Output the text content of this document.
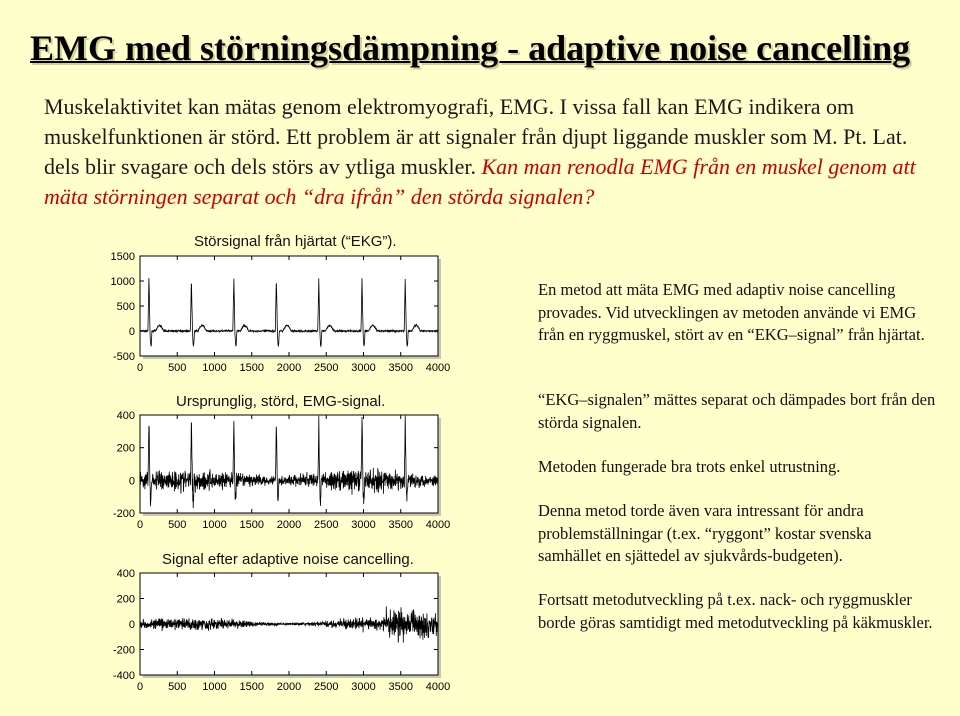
EMG med störningsdämpning - adaptive noise cancelling
Muskelaktivitet kan mätas genom elektromyografi, EMG. I vissa fall kan EMG indikera om muskelfunktionen är störd. Ett problem är att signaler från djupt liggande muskler som M. Pt. Lat. dels blir svagare och dels störs av ytliga muskler. Kan man renodla EMG från en muskel genom att mäta störningen separat och “dra ifrån” den störda signalen?
Störsignal från hjärtat (“EKG”).
1500
1000
500
0
-500
0 500 1000 1500 2000 2500 3000 3500 4000
Ursprunglig, störd, EMG-signal.
400
200
0
-200
0 500 1000 1500 2000 2500 3000 3500 4000
Signal efter adaptive noise cancelling.
400
200
0
-200
-400
0 500 1000 1500 2000 2500 3000 3500 4000

En metod att mäta EMG med adaptiv noise cancelling provades. Vid utvecklingen av metoden använde vi EMG från en ryggmuskel, stört av en “EKG–signal” från hjärtat.

“EKG–signalen” mättes separat och dämpades bort från den störda signalen.

Metoden fungerade bra trots enkel utrustning.

Denna metod torde även vara intressant för andra problemställningar (t.ex. “ryggont” kostar svenska samhället en sjättedel av sjukvårds-budgeten).

Fortsatt metodutveckling på t.ex. nack- och ryggmuskler borde göras samtidigt med metodutveckling på käkmuskler.
